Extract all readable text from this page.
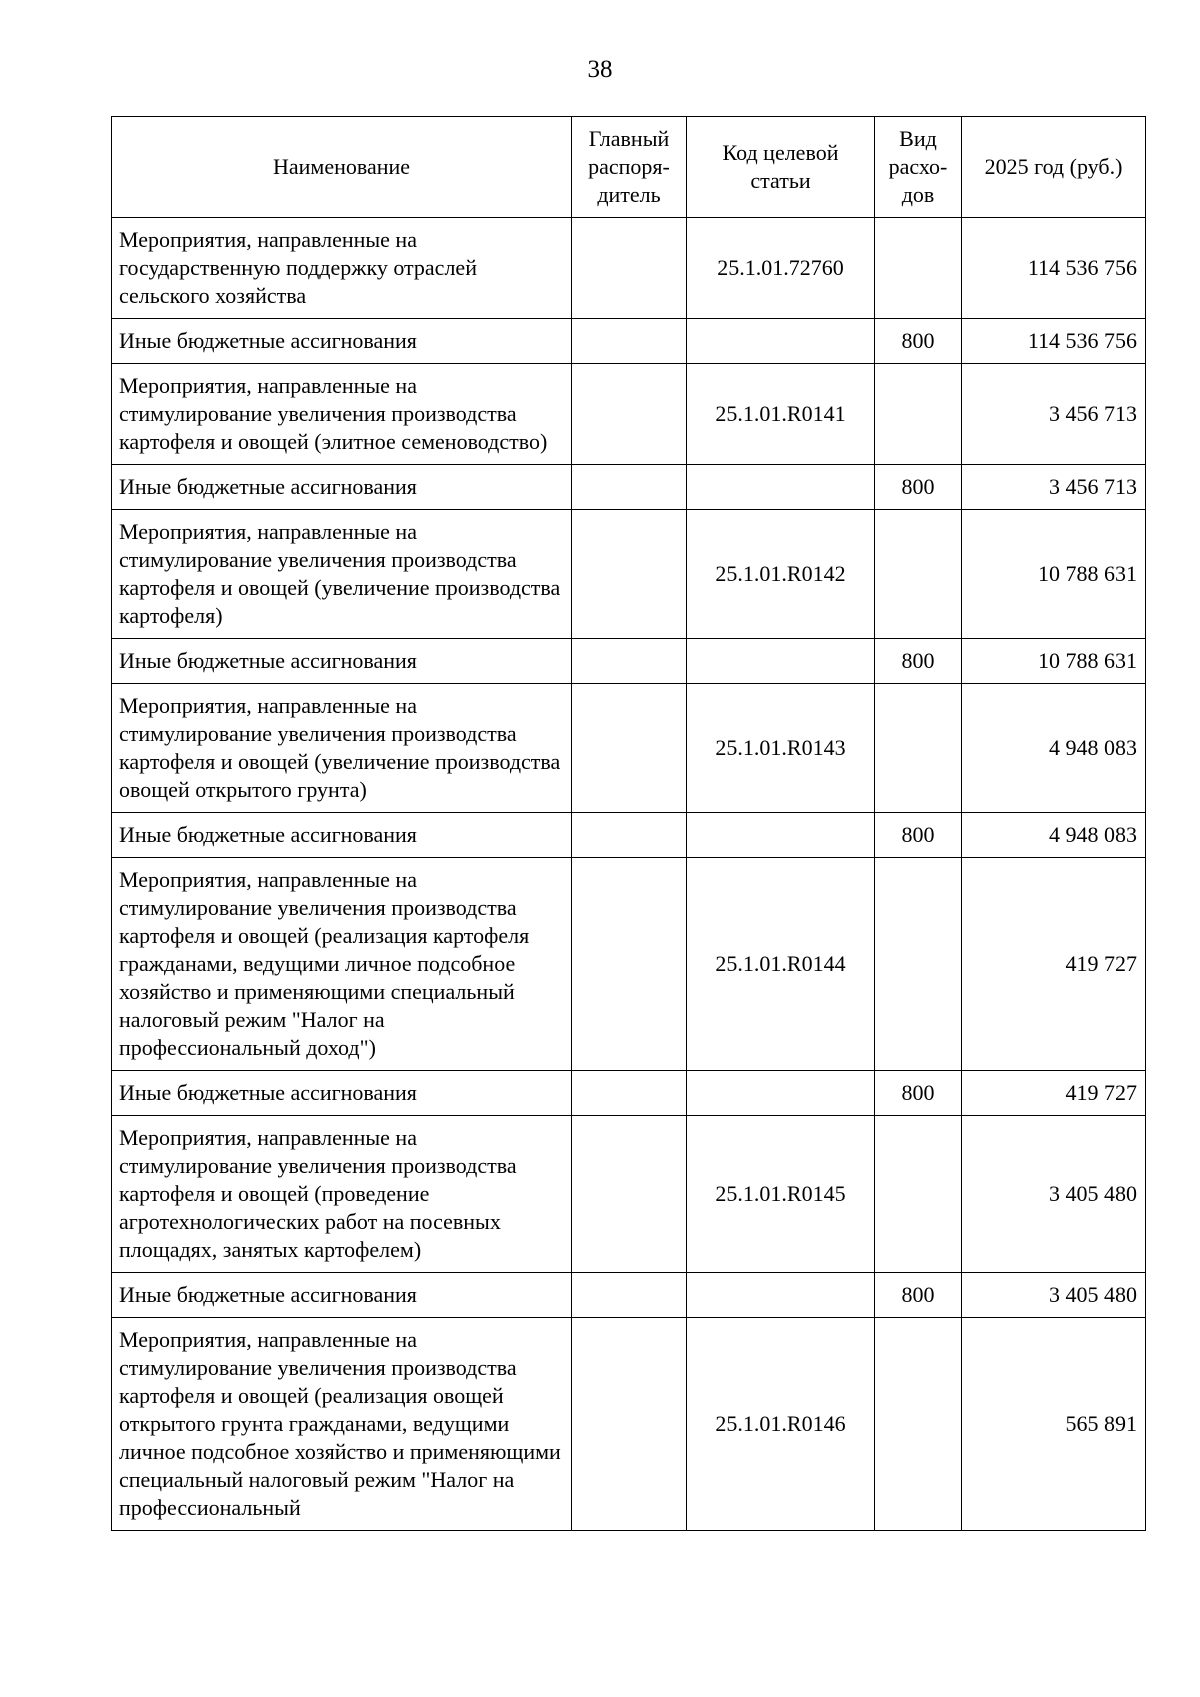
38
Наименование	Главный распоря- дитель	Код целевой статьи	Вид расхо- дов	2025 год (руб.)
Мероприятия, направленные на государственную поддержку отраслей сельского хозяйства		25.1.01.72760		114 536 756
Иные бюджетные ассигнования			800	114 536 756
Мероприятия, направленные на стимулирование увеличения производства картофеля и овощей (элитное семеноводство)		25.1.01.R0141		3 456 713
Иные бюджетные ассигнования			800	3 456 713
Мероприятия, направленные на стимулирование увеличения производства картофеля и овощей (увеличение производства картофеля)		25.1.01.R0142		10 788 631
Иные бюджетные ассигнования			800	10 788 631
Мероприятия, направленные на стимулирование увеличения производства картофеля и овощей (увеличение производства овощей открытого грунта)		25.1.01.R0143		4 948 083
Иные бюджетные ассигнования			800	4 948 083
Мероприятия, направленные на стимулирование увеличения производства картофеля и овощей (реализация картофеля гражданами, ведущими личное подсобное хозяйство и применяющими специальный налоговый режим "Налог на профессиональный доход")		25.1.01.R0144		419 727
Иные бюджетные ассигнования			800	419 727
Мероприятия, направленные на стимулирование увеличения производства картофеля и овощей (проведение агротехнологических работ на посевных площадях, занятых картофелем)		25.1.01.R0145		3 405 480
Иные бюджетные ассигнования			800	3 405 480
Мероприятия, направленные на стимулирование увеличения производства картофеля и овощей (реализация овощей открытого грунта гражданами, ведущими личное подсобное хозяйство и применяющими специальный налоговый режим "Налог на профессиональный		25.1.01.R0146		565 891
